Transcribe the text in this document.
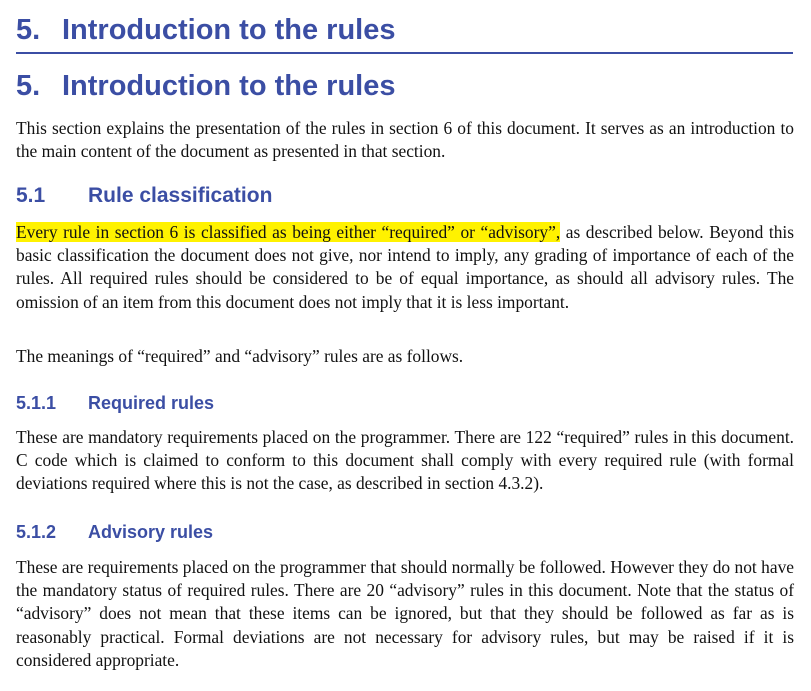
5. Introduction to the rules
5. Introduction to the rules

This section explains the presentation of the rules in section 6 of this document. It serves as an introduction to the main content of the document as presented in that section.

5.1 Rule classification

Every rule in section 6 is classified as being either “required” or “advisory”, as described below. Beyond this basic classification the document does not give, nor intend to imply, any grading of importance of each of the rules. All required rules should be considered to be of equal importance, as should all advisory rules. The omission of an item from this document does not imply that it is less important.

The meanings of “required” and “advisory” rules are as follows.

5.1.1 Required rules

These are mandatory requirements placed on the programmer. There are 122 “required” rules in this document. C code which is claimed to conform to this document shall comply with every required rule (with formal deviations required where this is not the case, as described in section 4.3.2).

5.1.2 Advisory rules

These are requirements placed on the programmer that should normally be followed. However they do not have the mandatory status of required rules. There are 20 “advisory” rules in this document. Note that the status of “advisory” does not mean that these items can be ignored, but that they should be followed as far as is reasonably practical. Formal deviations are not necessary for advisory rules, but may be raised if it is considered appropriate.
